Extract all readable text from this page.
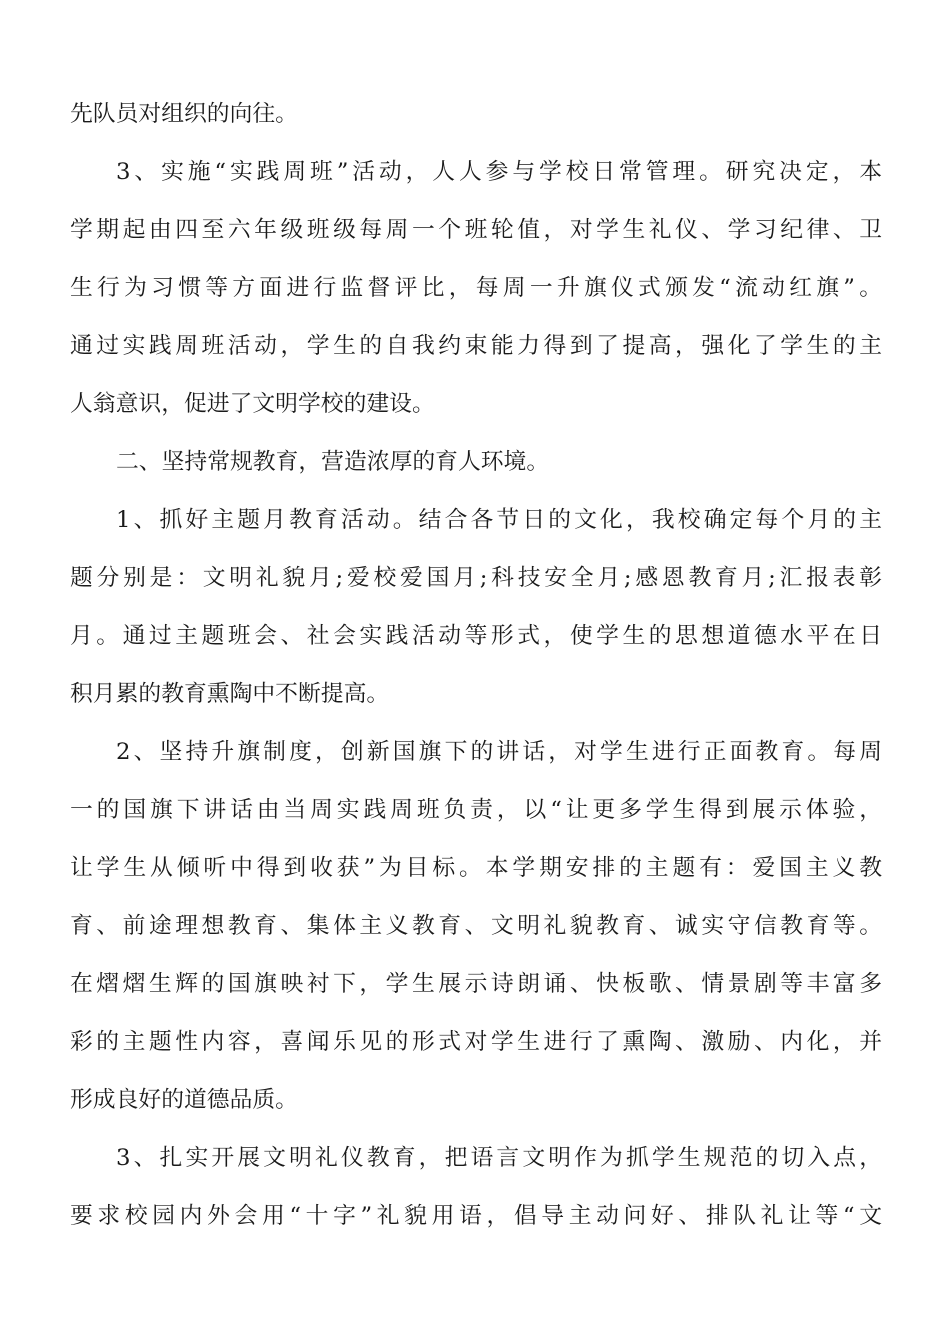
先队员对组织的向往。

3、实施“实践周班”活动，人人参与学校日常管理。研究决定，本

学期起由四至六年级班级每周一个班轮值，对学生礼仪、学习纪律、卫

生行为习惯等方面进行监督评比，每周一升旗仪式颁发“流动红旗”。

通过实践周班活动，学生的自我约束能力得到了提高，强化了学生的主

人翁意识，促进了文明学校的建设。

二、坚持常规教育，营造浓厚的育人环境。

1、抓好主题月教育活动。结合各节日的文化，我校确定每个月的主

题分别是：文明礼貌月;爱校爱国月;科技安全月;感恩教育月;汇报表彰

月。通过主题班会、社会实践活动等形式，使学生的思想道德水平在日

积月累的教育熏陶中不断提高。

2、坚持升旗制度，创新国旗下的讲话，对学生进行正面教育。每周

一的国旗下讲话由当周实践周班负责，以“让更多学生得到展示体验，

让学生从倾听中得到收获”为目标。本学期安排的主题有：爱国主义教

育、前途理想教育、集体主义教育、文明礼貌教育、诚实守信教育等。

在熠熠生辉的国旗映衬下，学生展示诗朗诵、快板歌、情景剧等丰富多

彩的主题性内容，喜闻乐见的形式对学生进行了熏陶、激励、内化，并

形成良好的道德品质。

3、扎实开展文明礼仪教育，把语言文明作为抓学生规范的切入点，

要求校园内外会用“十字”礼貌用语，倡导主动问好、排队礼让等“文
